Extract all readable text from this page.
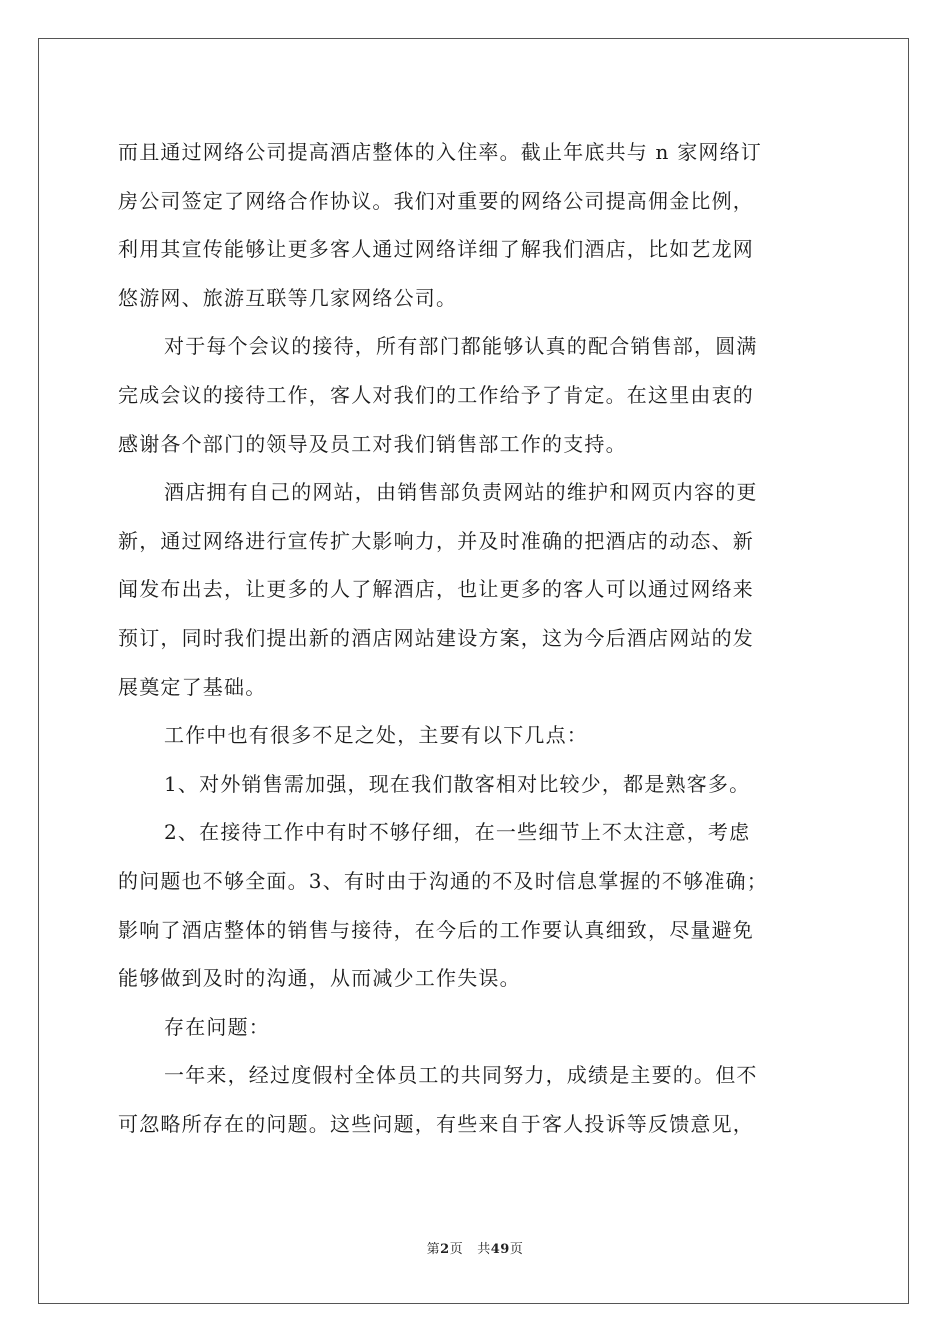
而且通过网络公司提高酒店整体的入住率。截止年底共与 n 家网络订
房公司签定了网络合作协议。我们对重要的网络公司提高佣金比例，
利用其宣传能够让更多客人通过网络详细了解我们酒店，比如艺龙网
悠游网、旅游互联等几家网络公司。
对于每个会议的接待，所有部门都能够认真的配合销售部，圆满
完成会议的接待工作，客人对我们的工作给予了肯定。在这里由衷的
感谢各个部门的领导及员工对我们销售部工作的支持。
酒店拥有自己的网站，由销售部负责网站的维护和网页内容的更
新，通过网络进行宣传扩大影响力，并及时准确的把酒店的动态、新
闻发布出去，让更多的人了解酒店，也让更多的客人可以通过网络来
预订，同时我们提出新的酒店网站建设方案，这为今后酒店网站的发
展奠定了基础。
工作中也有很多不足之处，主要有以下几点：
1、对外销售需加强，现在我们散客相对比较少，都是熟客多。
2、在接待工作中有时不够仔细，在一些细节上不太注意，考虑
的问题也不够全面。3、有时由于沟通的不及时信息掌握的不够准确；
影响了酒店整体的销售与接待，在今后的工作要认真细致，尽量避免
能够做到及时的沟通，从而减少工作失误。
存在问题：
一年来，经过度假村全体员工的共同努力，成绩是主要的。但不
可忽略所存在的问题。这些问题，有些来自于客人投诉等反馈意见，
第2页 共49页
